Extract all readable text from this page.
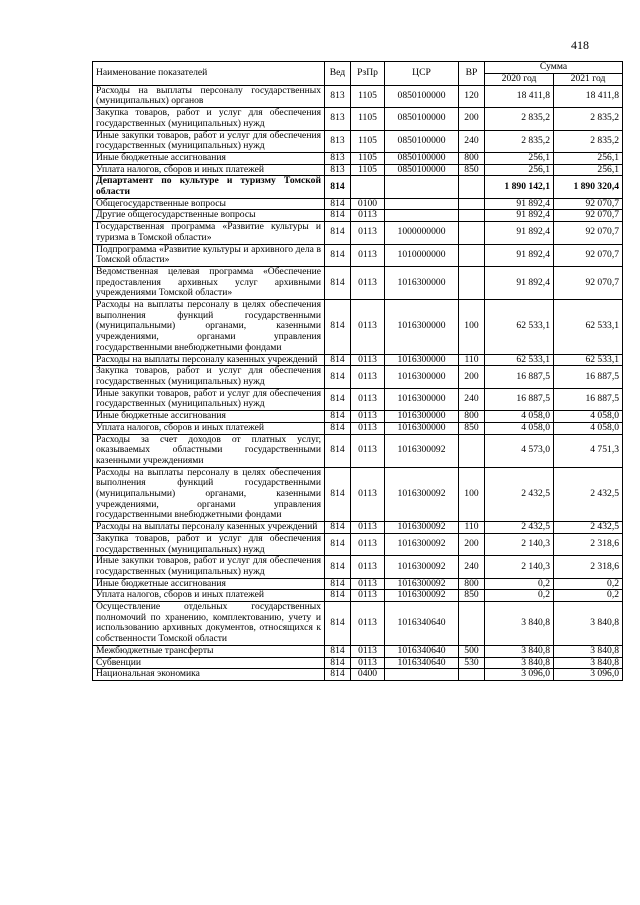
418
Наименование показателей	Вед	РзПр	ЦСР	ВР	Сумма	
					2020 год	2021 год
Расходы на выплаты персоналу государственных (муниципальных) органов	813	1105	0850100000	120	18 411,8	18 411,8
Закупка товаров, работ и услуг для обеспечения государственных (муниципальных) нужд	813	1105	0850100000	200	2 835,2	2 835,2
Иные закупки товаров, работ и услуг для обеспечения государственных (муниципальных) нужд	813	1105	0850100000	240	2 835,2	2 835,2
Иные бюджетные ассигнования	813	1105	0850100000	800	256,1	256,1
Уплата налогов, сборов и иных платежей	813	1105	0850100000	850	256,1	256,1
Департамент по культуре и туризму Томской области	814				1 890 142,1	1 890 320,4
Общегосударственные вопросы	814	0100			91 892,4	92 070,7
Другие общегосударственные вопросы	814	0113			91 892,4	92 070,7
Государственная программа «Развитие культуры и туризма в Томской области»	814	0113	1000000000		91 892,4	92 070,7
Подпрограмма «Развитие культуры и архивного дела в Томской области»	814	0113	1010000000		91 892,4	92 070,7
Ведомственная целевая программа «Обеспечение предоставления архивных услуг архивными учреждениями Томской области»	814	0113	1016300000		91 892,4	92 070,7
Расходы на выплаты персоналу в целях обеспечения выполнения функций государственными (муниципальными) органами, казенными учреждениями, органами управления государственными внебюджетными фондами	814	0113	1016300000	100	62 533,1	62 533,1
Расходы на выплаты персоналу казенных учреждений	814	0113	1016300000	110	62 533,1	62 533,1
Закупка товаров, работ и услуг для обеспечения государственных (муниципальных) нужд	814	0113	1016300000	200	16 887,5	16 887,5
Иные закупки товаров, работ и услуг для обеспечения государственных (муниципальных) нужд	814	0113	1016300000	240	16 887,5	16 887,5
Иные бюджетные ассигнования	814	0113	1016300000	800	4 058,0	4 058,0
Уплата налогов, сборов и иных платежей	814	0113	1016300000	850	4 058,0	4 058,0
Расходы за счет доходов от платных услуг, оказываемых областными государственными казенными учреждениями	814	0113	1016300092		4 573,0	4 751,3
Расходы на выплаты персоналу в целях обеспечения выполнения функций государственными (муниципальными) органами, казенными учреждениями, органами управления государственными внебюджетными фондами	814	0113	1016300092	100	2 432,5	2 432,5
Расходы на выплаты персоналу казенных учреждений	814	0113	1016300092	110	2 432,5	2 432,5
Закупка товаров, работ и услуг для обеспечения государственных (муниципальных) нужд	814	0113	1016300092	200	2 140,3	2 318,6
Иные закупки товаров, работ и услуг для обеспечения государственных (муниципальных) нужд	814	0113	1016300092	240	2 140,3	2 318,6
Иные бюджетные ассигнования	814	0113	1016300092	800	0,2	0,2
Уплата налогов, сборов и иных платежей	814	0113	1016300092	850	0,2	0,2
Осуществление отдельных государственных полномочий по хранению, комплектованию, учету и использованию архивных документов, относящихся к собственности Томской области	814	0113	1016340640		3 840,8	3 840,8
Межбюджетные трансферты	814	0113	1016340640	500	3 840,8	3 840,8
Субвенции	814	0113	1016340640	530	3 840,8	3 840,8
Национальная экономика	814	0400			3 096,0	3 096,0
